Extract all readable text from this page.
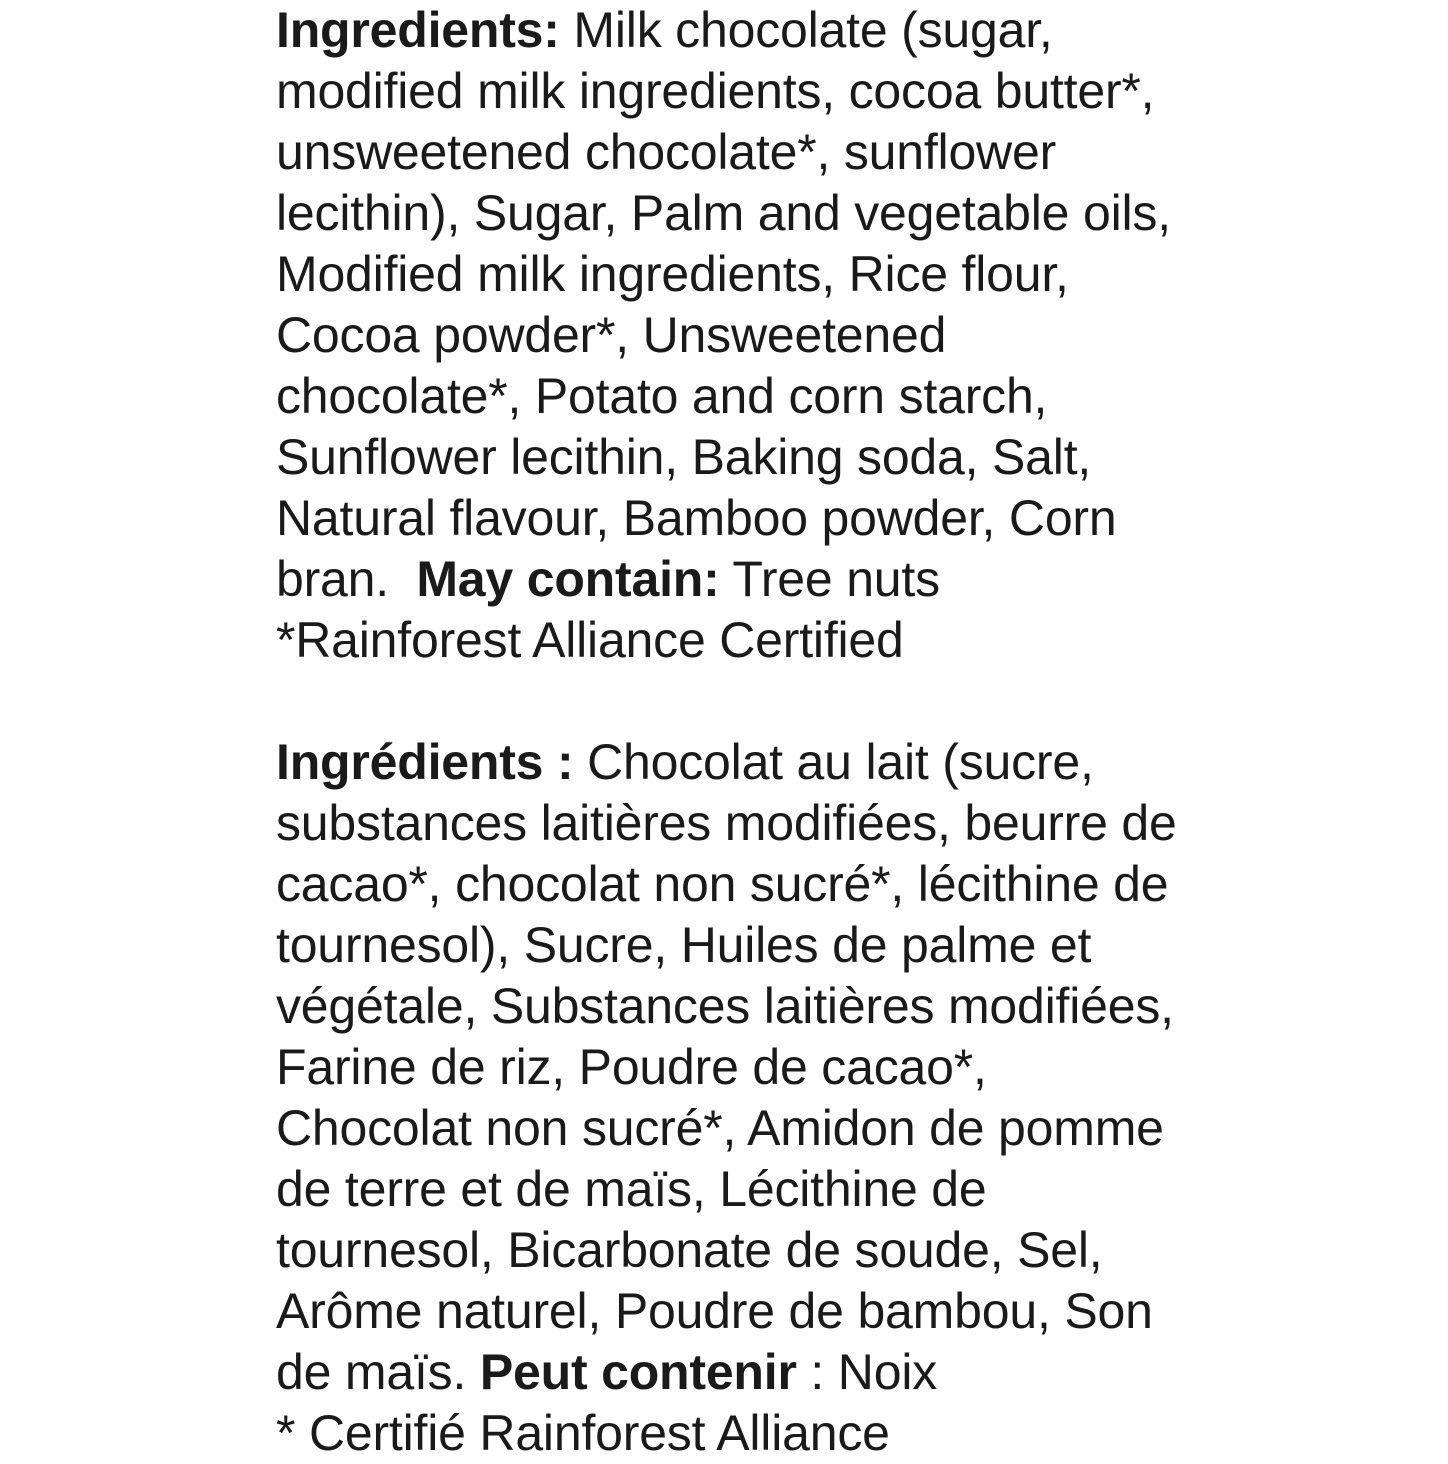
Ingredients: Milk chocolate (sugar,
modified milk ingredients, cocoa butter*,
unsweetened chocolate*, sunflower
lecithin), Sugar, Palm and vegetable oils,
Modified milk ingredients, Rice flour,
Cocoa powder*, Unsweetened
chocolate*, Potato and corn starch,
Sunflower lecithin, Baking soda, Salt,
Natural flavour, Bamboo powder, Corn
bran.  May contain: Tree nuts
*Rainforest Alliance Certified
Ingrédients : Chocolat au lait (sucre,
substances laitières modifiées, beurre de
cacao*, chocolat non sucré*, lécithine de
tournesol), Sucre, Huiles de palme et
végétale, Substances laitières modifiées,
Farine de riz, Poudre de cacao*,
Chocolat non sucré*, Amidon de pomme
de terre et de maïs, Lécithine de
tournesol, Bicarbonate de soude, Sel,
Arôme naturel, Poudre de bambou, Son
de maïs. Peut contenir : Noix
* Certifié Rainforest Alliance
